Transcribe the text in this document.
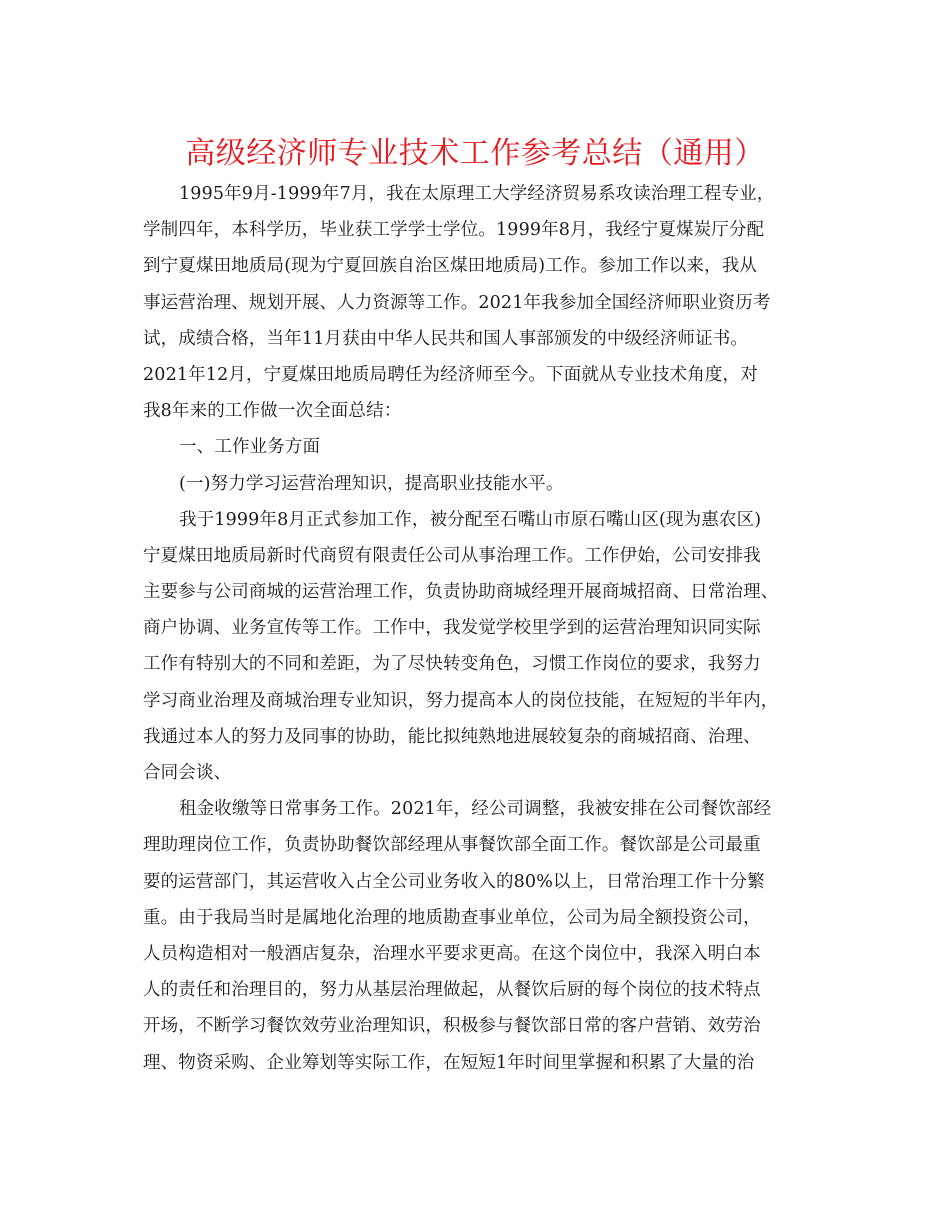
高级经济师专业技术工作参考总结（通用）
1995年9月-1999年7月，我在太原理工大学经济贸易系攻读治理工程专业，
学制四年，本科学历，毕业获工学学士学位。1999年8月，我经宁夏煤炭厅分配
到宁夏煤田地质局(现为宁夏回族自治区煤田地质局)工作。参加工作以来，我从
事运营治理、规划开展、人力资源等工作。2021年我参加全国经济师职业资历考
试，成绩合格，当年11月获由中华人民共和国人事部颁发的中级经济师证书。
2021年12月，宁夏煤田地质局聘任为经济师至今。下面就从专业技术角度，对
我8年来的工作做一次全面总结：
一、工作业务方面
(一)努力学习运营治理知识，提高职业技能水平。
我于1999年8月正式参加工作，被分配至石嘴山市原石嘴山区(现为惠农区)
宁夏煤田地质局新时代商贸有限责任公司从事治理工作。工作伊始，公司安排我
主要参与公司商城的运营治理工作，负责协助商城经理开展商城招商、日常治理、
商户协调、业务宣传等工作。工作中，我发觉学校里学到的运营治理知识同实际
工作有特别大的不同和差距，为了尽快转变角色，习惯工作岗位的要求，我努力
学习商业治理及商城治理专业知识，努力提高本人的岗位技能，在短短的半年内，
我通过本人的努力及同事的协助，能比拟纯熟地进展较复杂的商城招商、治理、
合同会谈、
租金收缴等日常事务工作。2021年，经公司调整，我被安排在公司餐饮部经
理助理岗位工作，负责协助餐饮部经理从事餐饮部全面工作。餐饮部是公司最重
要的运营部门，其运营收入占全公司业务收入的80%以上，日常治理工作十分繁
重。由于我局当时是属地化治理的地质勘查事业单位，公司为局全额投资公司，
人员构造相对一般酒店复杂，治理水平要求更高。在这个岗位中，我深入明白本
人的责任和治理目的，努力从基层治理做起，从餐饮后厨的每个岗位的技术特点
开场，不断学习餐饮效劳业治理知识，积极参与餐饮部日常的客户营销、效劳治
理、物资采购、企业筹划等实际工作，在短短1年时间里掌握和积累了大量的治
